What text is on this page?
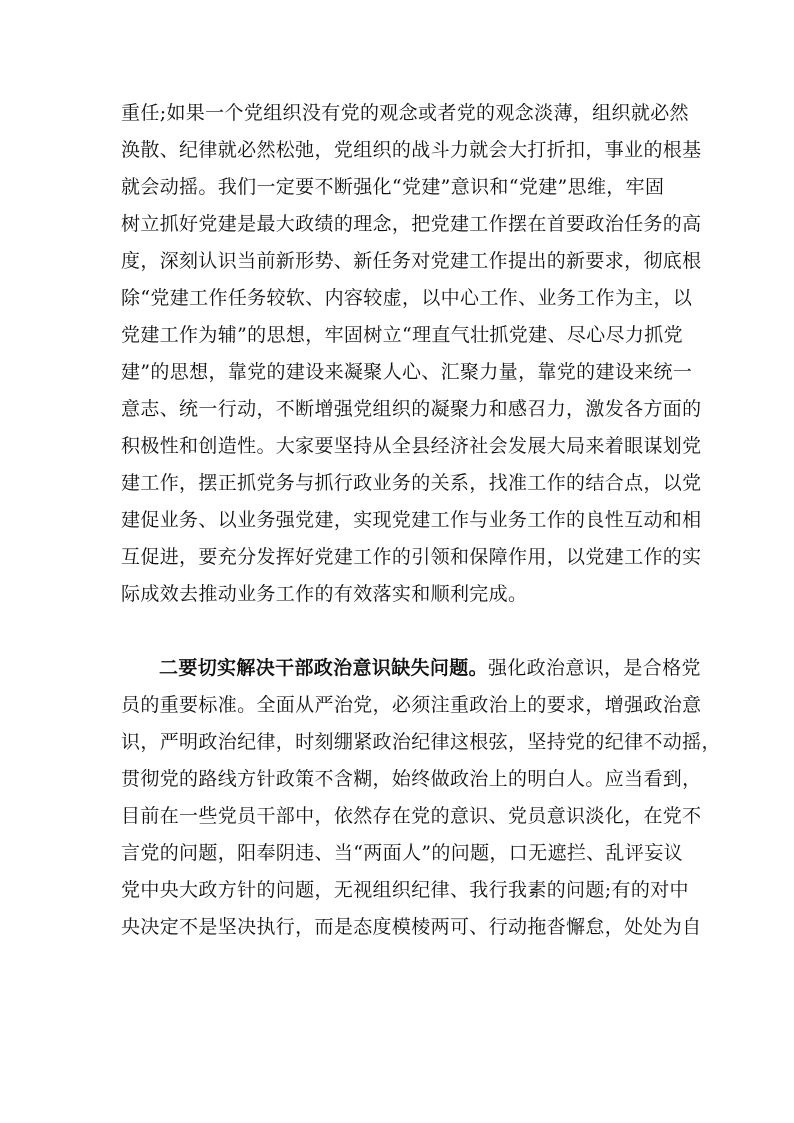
重任;如果一个党组织没有党的观念或者党的观念淡薄，组织就必然
涣散、纪律就必然松弛，党组织的战斗力就会大打折扣，事业的根基
就会动摇。我们一定要不断强化“党建”意识和“党建”思维，牢固
树立抓好党建是最大政绩的理念，把党建工作摆在首要政治任务的高
度，深刻认识当前新形势、新任务对党建工作提出的新要求，彻底根
除“党建工作任务较软、内容较虚，以中心工作、业务工作为主，以
党建工作为辅”的思想，牢固树立“理直气壮抓党建、尽心尽力抓党
建”的思想，靠党的建设来凝聚人心、汇聚力量，靠党的建设来统一
意志、统一行动，不断增强党组织的凝聚力和感召力，激发各方面的
积极性和创造性。大家要坚持从全县经济社会发展大局来着眼谋划党
建工作，摆正抓党务与抓行政业务的关系，找准工作的结合点，以党
建促业务、以业务强党建，实现党建工作与业务工作的良性互动和相
互促进，要充分发挥好党建工作的引领和保障作用，以党建工作的实
际成效去推动业务工作的有效落实和顺利完成。
二要切实解决干部政治意识缺失问题。强化政治意识，是合格党
员的重要标准。全面从严治党，必须注重政治上的要求，增强政治意
识，严明政治纪律，时刻绷紧政治纪律这根弦，坚持党的纪律不动摇，
贯彻党的路线方针政策不含糊，始终做政治上的明白人。应当看到，
目前在一些党员干部中，依然存在党的意识、党员意识淡化，在党不
言党的问题，阳奉阴违、当“两面人”的问题，口无遮拦、乱评妄议
党中央大政方针的问题，无视组织纪律、我行我素的问题;有的对中
央决定不是坚决执行，而是态度模棱两可、行动拖沓懈怠，处处为自
